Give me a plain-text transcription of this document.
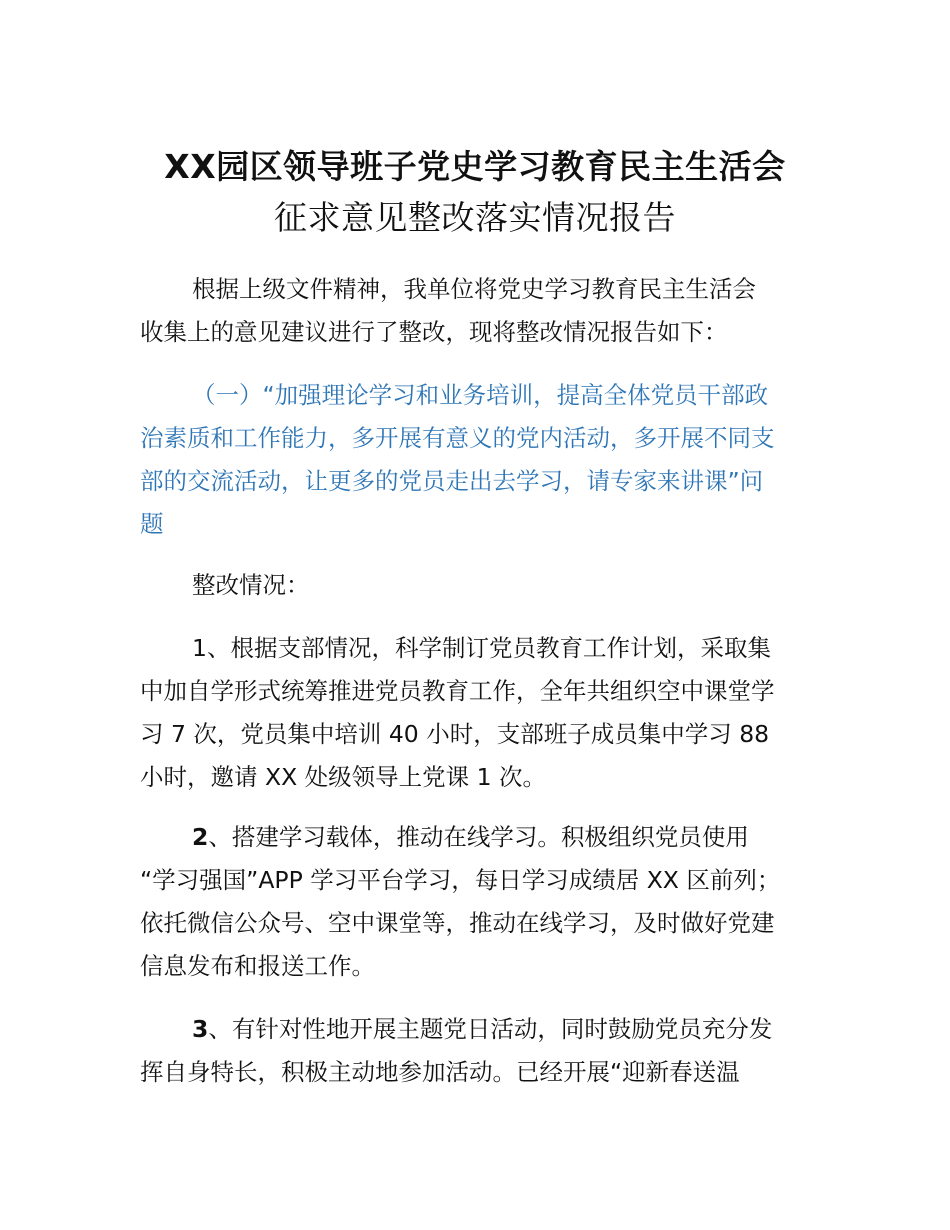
XX园区领导班子党史学习教育民主生活会
征求意见整改落实情况报告
根据上级文件精神，我单位将党史学习教育民主生活会
收集上的意见建议进行了整改，现将整改情况报告如下：
（一）“加强理论学习和业务培训，提高全体党员干部政
治素质和工作能力，多开展有意义的党内活动，多开展不同支
部的交流活动，让更多的党员走出去学习，请专家来讲课”问
题
整改情况：
1、根据支部情况，科学制订党员教育工作计划，采取集
中加自学形式统筹推进党员教育工作，全年共组织空中课堂学
习 7 次，党员集中培训 40 小时，支部班子成员集中学习 88
小时，邀请 XX 处级领导上党课 1 次。
2、搭建学习载体，推动在线学习。积极组织党员使用
“学习强国”APP 学习平台学习，每日学习成绩居 XX 区前列；
依托微信公众号、空中课堂等，推动在线学习，及时做好党建
信息发布和报送工作。
3、有针对性地开展主题党日活动，同时鼓励党员充分发
挥自身特长，积极主动地参加活动。已经开展“迎新春送温
